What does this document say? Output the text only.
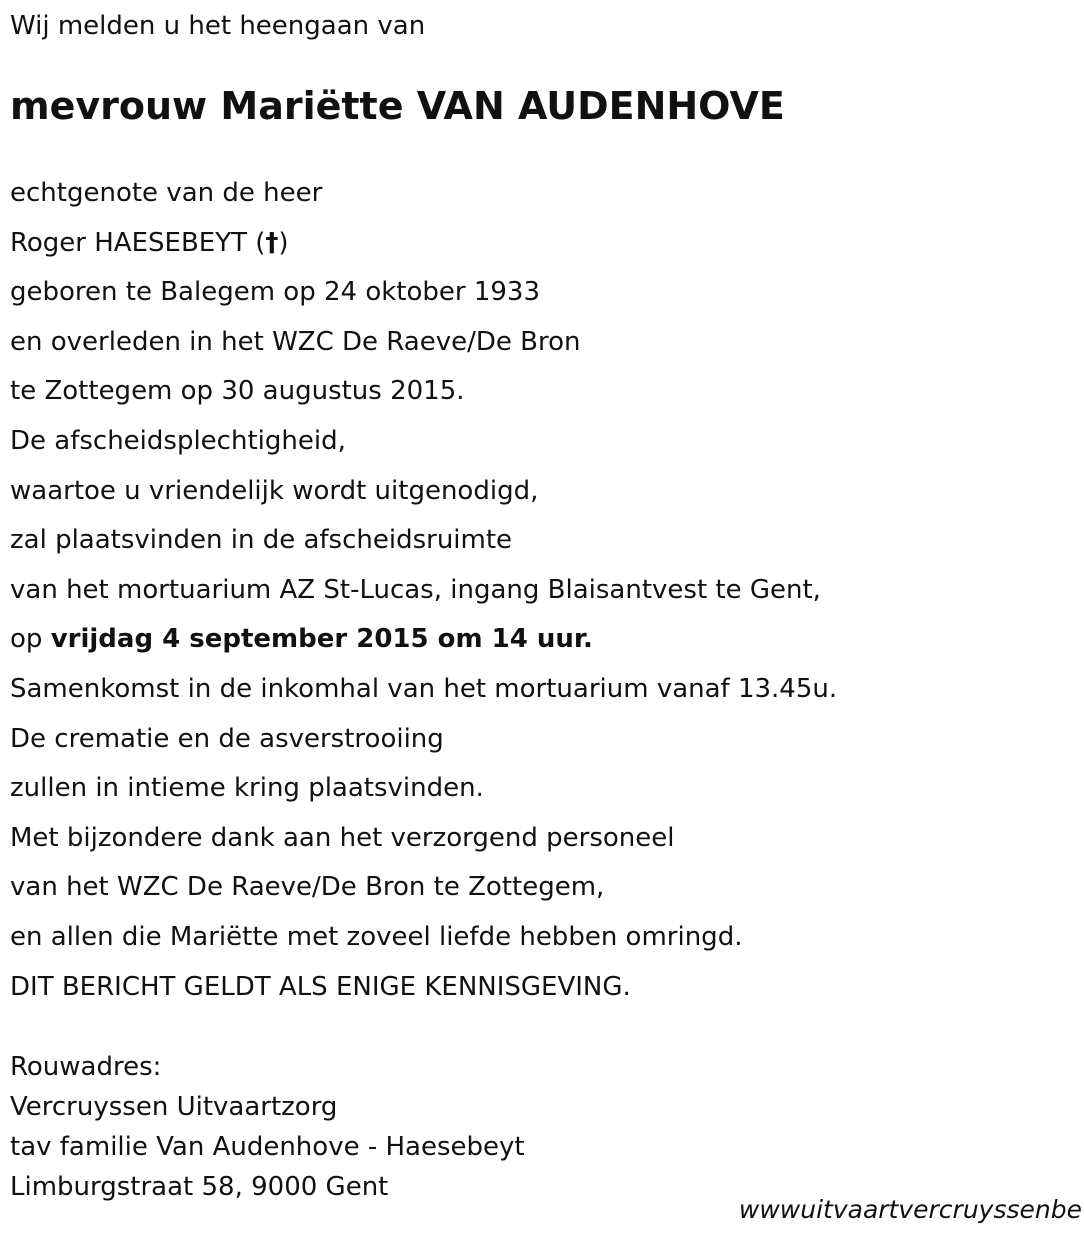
Wij melden u het heengaan van
mevrouw Mariëtte VAN AUDENHOVE
echtgenote van de heer
Roger HAESEBEYT (†)
geboren te Balegem op 24 oktober 1933
en overleden in het WZC De Raeve/De Bron
te Zottegem op 30 augustus 2015.
De afscheidsplechtigheid,
waartoe u vriendelijk wordt uitgenodigd,
zal plaatsvinden in de afscheidsruimte
van het mortuarium AZ St-Lucas, ingang Blaisantvest te Gent,
op vrijdag 4 september 2015 om 14 uur.
Samenkomst in de inkomhal van het mortuarium vanaf 13.45u.
De crematie en de asverstrooiing
zullen in intieme kring plaatsvinden.
Met bijzondere dank aan het verzorgend personeel
van het WZC De Raeve/De Bron te Zottegem,
en allen die Mariëtte met zoveel liefde hebben omringd.
DIT BERICHT GELDT ALS ENIGE KENNISGEVING.
Rouwadres:
Vercruyssen Uitvaartzorg
tav familie Van Audenhove - Haesebeyt
Limburgstraat 58, 9000 Gent
wwwuitvaartvercruyssenbe
